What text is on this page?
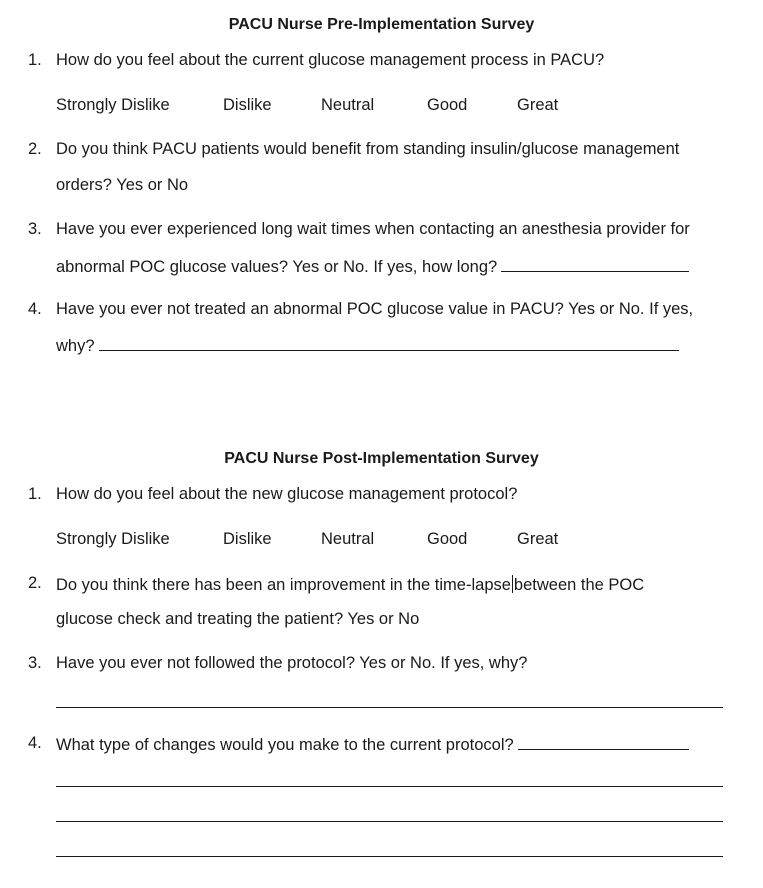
PACU Nurse Pre-Implementation Survey
1. How do you feel about the current glucose management process in PACU?
Strongly Dislike	Dislike	Neutral	Good	Great
2. Do you think PACU patients would benefit from standing insulin/glucose management
orders? Yes or No
3. Have you ever experienced long wait times when contacting an anesthesia provider for
abnormal POC glucose values? Yes or No. If yes, how long?
4. Have you ever not treated an abnormal POC glucose value in PACU? Yes or No. If yes,
why?
PACU Nurse Post-Implementation Survey
1. How do you feel about the new glucose management protocol?
Strongly Dislike	Dislike	Neutral	Good	Great
2. Do you think there has been an improvement in the time-lapse between the POC
glucose check and treating the patient? Yes or No
3. Have you ever not followed the protocol? Yes or No. If yes, why?
4. What type of changes would you make to the current protocol?
